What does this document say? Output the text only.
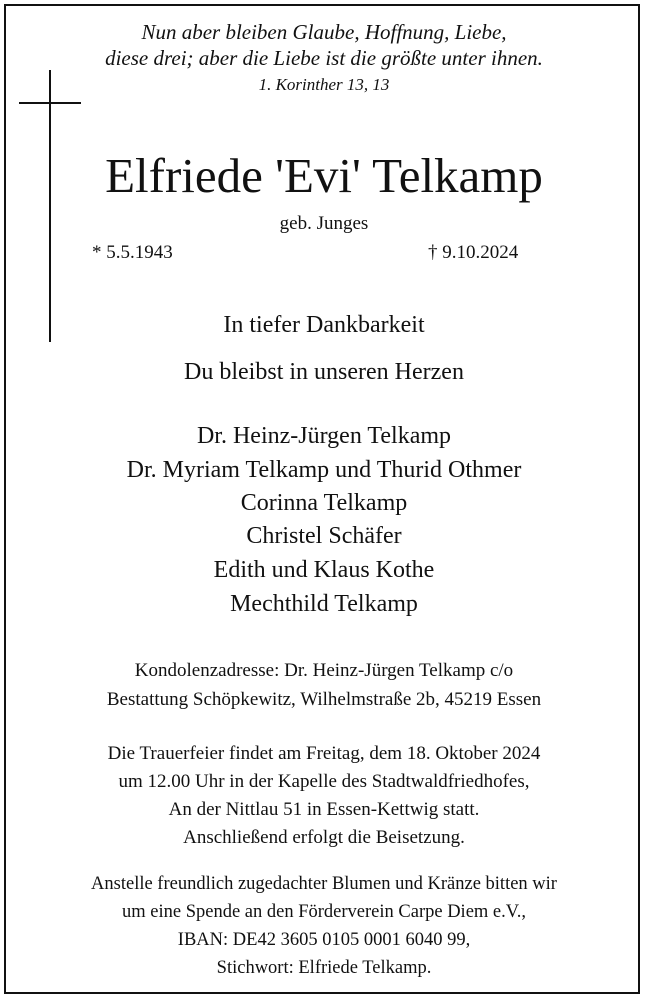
Nun aber bleiben Glaube, Hoffnung, Liebe,
diese drei; aber die Liebe ist die größte unter ihnen.
1. Korinther 13, 13
Elfriede 'Evi' Telkamp
geb. Junges
* 5.5.1943	† 9.10.2024
In tiefer Dankbarkeit
Du bleibst in unseren Herzen
Dr. Heinz-Jürgen Telkamp
Dr. Myriam Telkamp und Thurid Othmer
Corinna Telkamp
Christel Schäfer
Edith und Klaus Kothe
Mechthild Telkamp
Kondolenzadresse: Dr. Heinz-Jürgen Telkamp c/o
Bestattung Schöpkewitz, Wilhelmstraße 2b, 45219 Essen
Die Trauerfeier findet am Freitag, dem 18. Oktober 2024
um 12.00 Uhr in der Kapelle des Stadtwaldfriedhofes,
An der Nittlau 51 in Essen-Kettwig statt.
Anschließend erfolgt die Beisetzung.
Anstelle freundlich zugedachter Blumen und Kränze bitten wir
um eine Spende an den Förderverein Carpe Diem e.V.,
IBAN: DE42 3605 0105 0001 6040 99,
Stichwort: Elfriede Telkamp.
